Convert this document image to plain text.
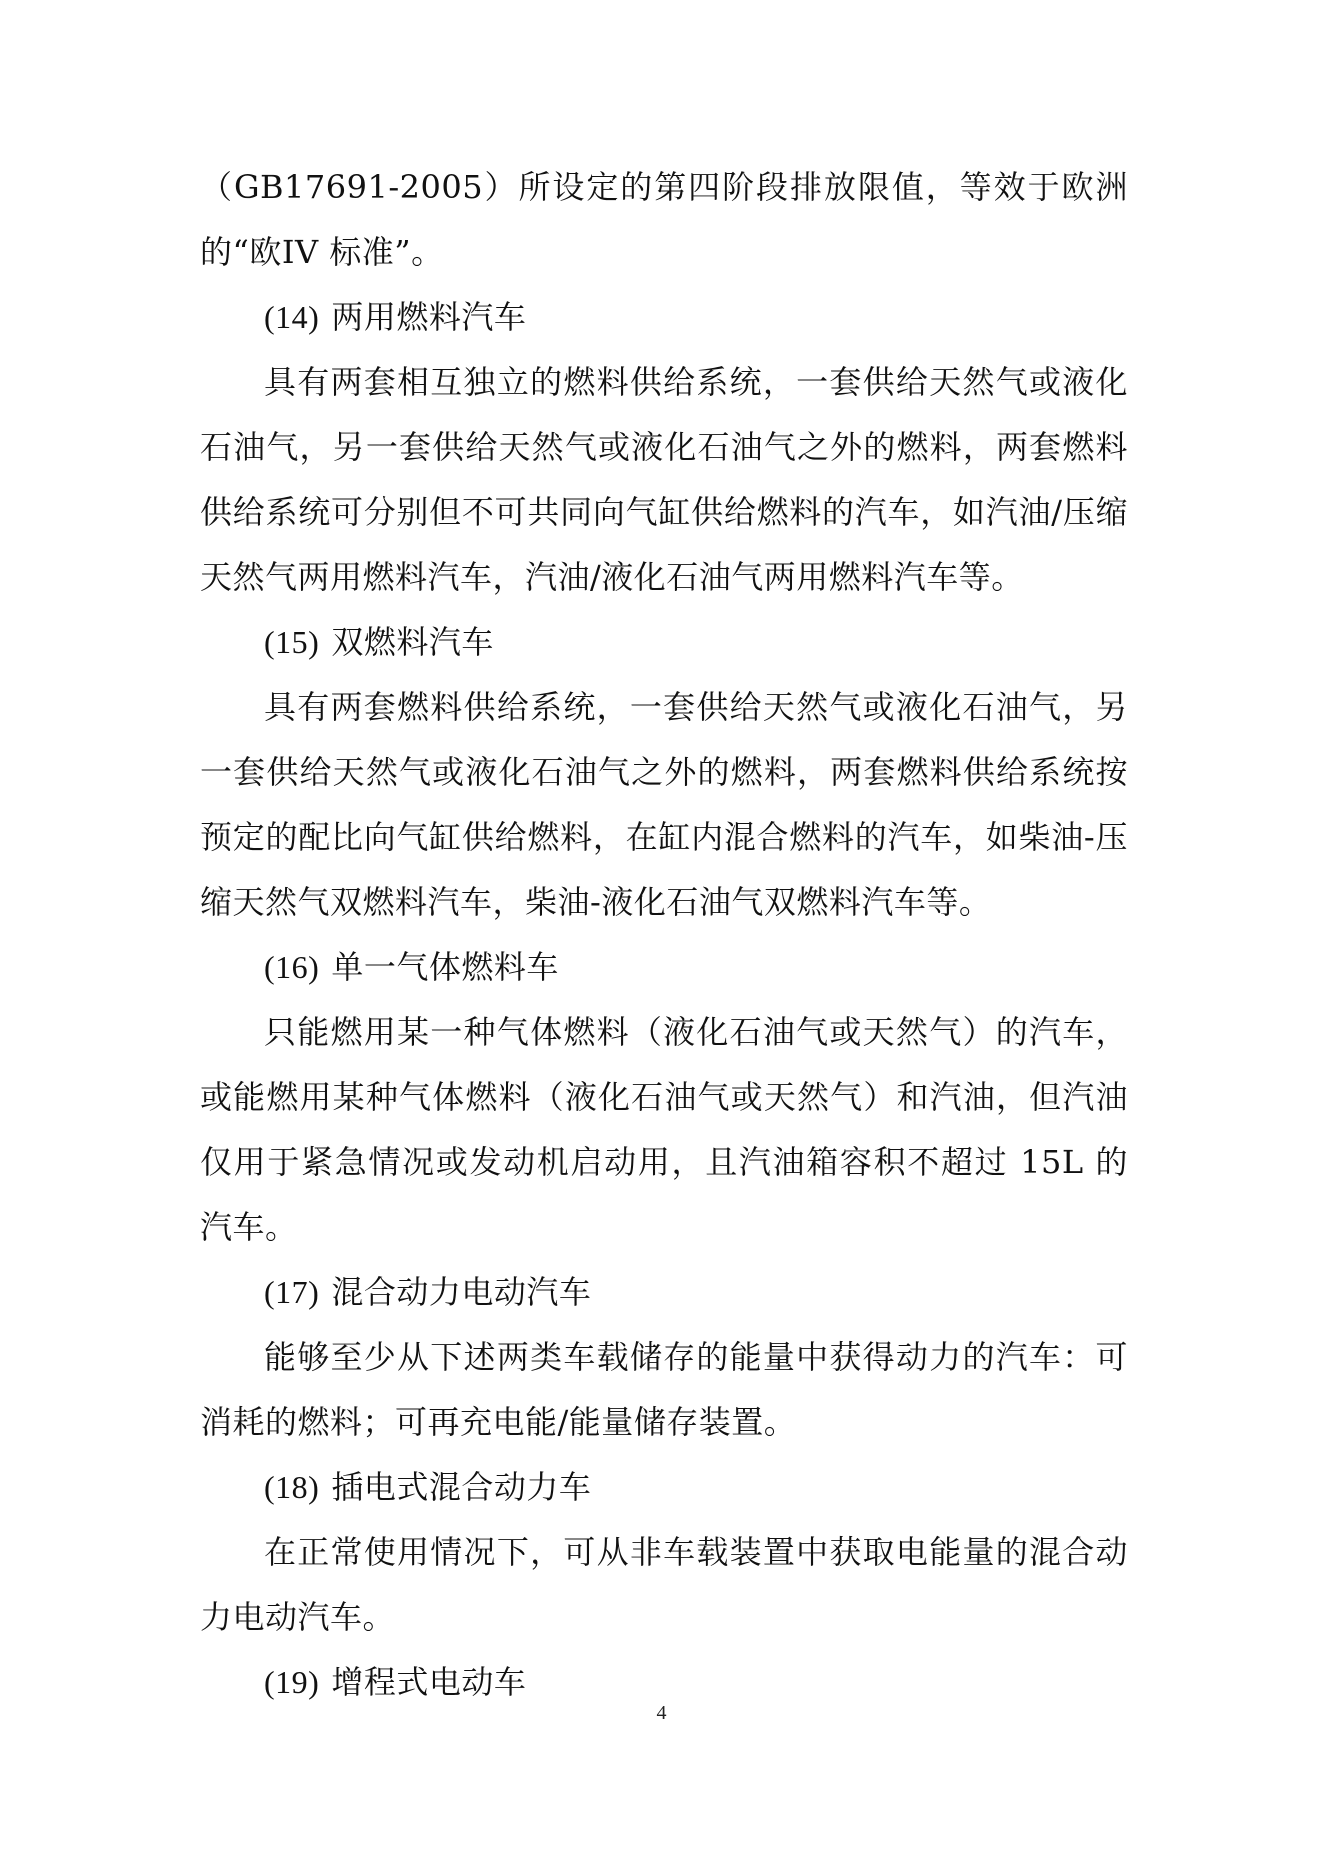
（GB17691-2005）所设定的第四阶段排放限值，等效于欧洲的“欧IV 标准”。

(14) 两用燃料汽车

具有两套相互独立的燃料供给系统，一套供给天然气或液化石油气，另一套供给天然气或液化石油气之外的燃料，两套燃料供给系统可分别但不可共同向气缸供给燃料的汽车，如汽油/压缩天然气两用燃料汽车，汽油/液化石油气两用燃料汽车等。

(15) 双燃料汽车

具有两套燃料供给系统，一套供给天然气或液化石油气，另一套供给天然气或液化石油气之外的燃料，两套燃料供给系统按预定的配比向气缸供给燃料，在缸内混合燃料的汽车，如柴油-压缩天然气双燃料汽车，柴油-液化石油气双燃料汽车等。

(16) 单一气体燃料车

只能燃用某一种气体燃料（液化石油气或天然气）的汽车，或能燃用某种气体燃料（液化石油气或天然气）和汽油，但汽油仅用于紧急情况或发动机启动用，且汽油箱容积不超过 15L 的汽车。

(17) 混合动力电动汽车

能够至少从下述两类车载储存的能量中获得动力的汽车：可消耗的燃料；可再充电能/能量储存装置。

(18) 插电式混合动力车

在正常使用情况下，可从非车载装置中获取电能量的混合动力电动汽车。

(19) 增程式电动车

4
